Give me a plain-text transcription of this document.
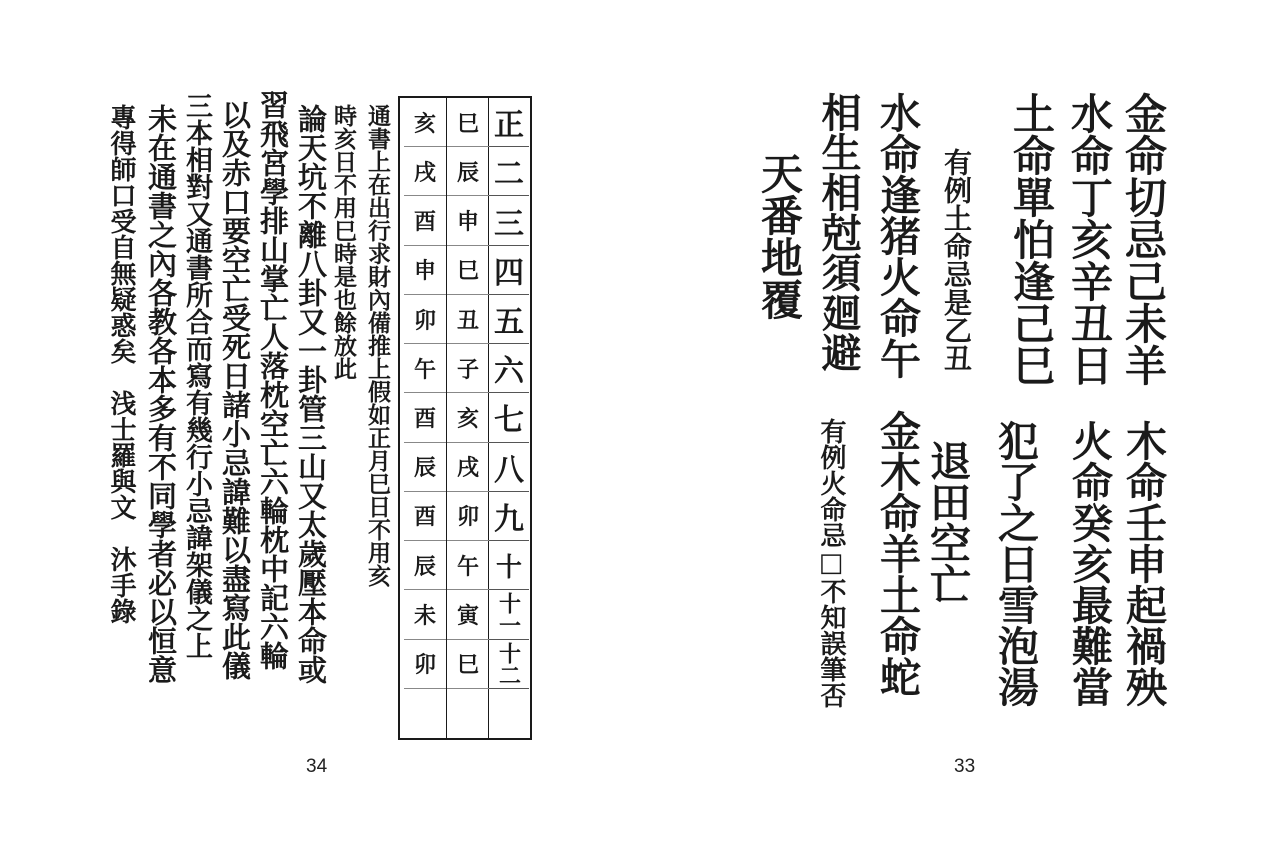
正
二
三
四
五
六
七
八
九
十
十一
十二
巳
辰
申
巳
丑
子
亥
戌
卯
午
寅
巳
亥
戌
酉
申
卯
午
酉
辰
酉
辰
未
卯
通書上在出行求財內備推上假如正月巳日不用亥
時亥日不用巳時是也餘放此
論天坑不離八卦又一卦管三山又太歲壓本命或
習飛宮學排山掌亡人落枕空亡六輪枕中記六輪
以及赤口要空亡受死日諸小忌諱難以盡寫此儀
三本相對又通書所合而寫有幾行小忌諱架儀之上
未在通書之內各教各本多有不同學者必以恒意
專得師口受自無疑惑矣　浅士羅與文　沐手錄
34
金命切忌己未羊
水命丁亥辛丑日
土命單怕逢己巳
有例土命忌是乙丑
水命逢猪火命午
相生相尅須廻避
天番地覆
木命壬申起禍殃
火命癸亥最難當
犯了之日雪泡湯
退田空亡
金木命羊土命蛇
有例火命忌□不知誤筆否
33
